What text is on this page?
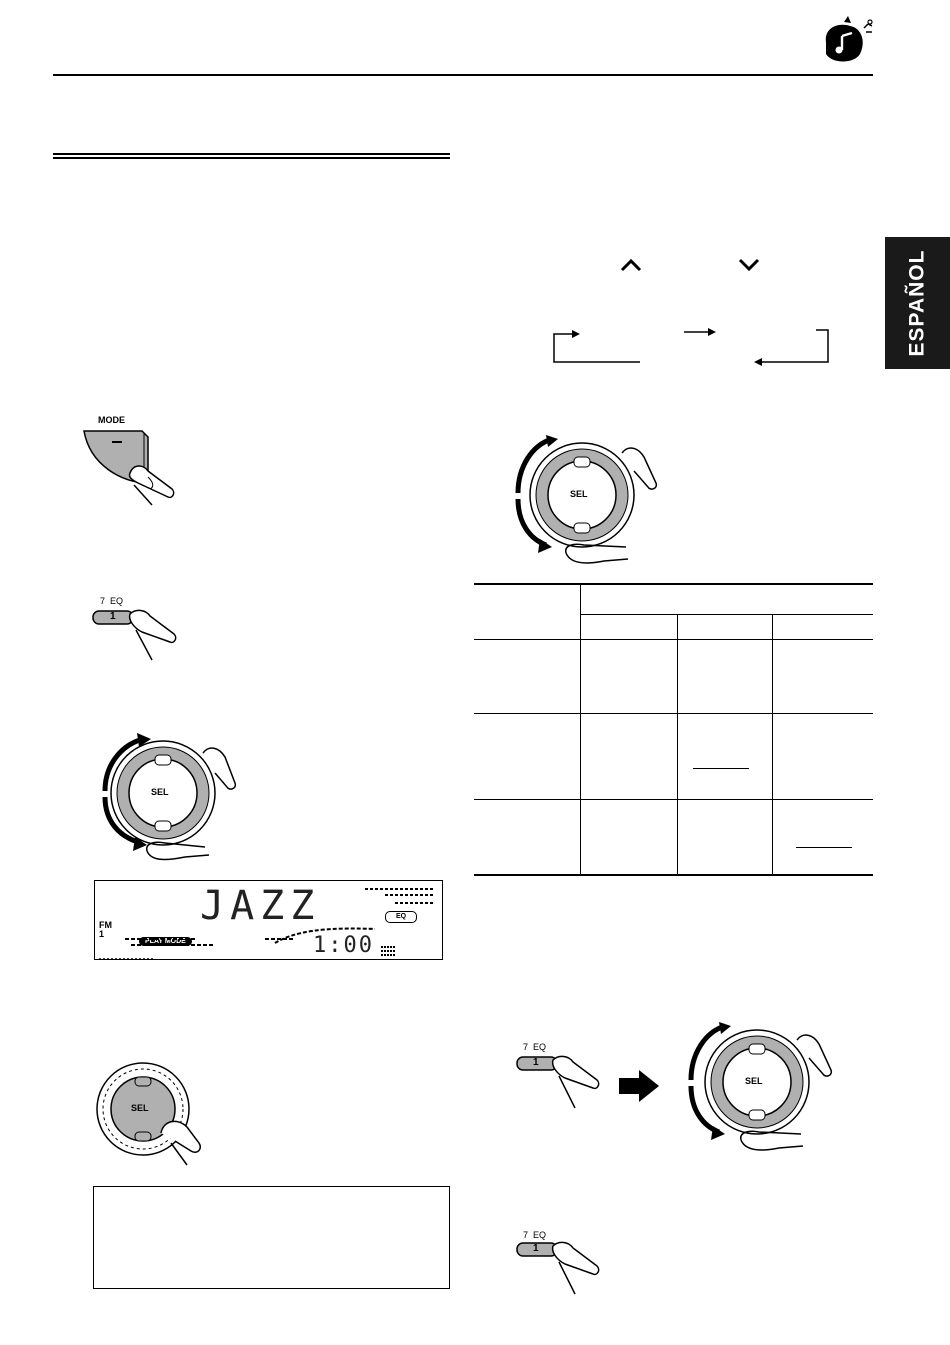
ESPAÑOL
MODE
7  EQ
1
SEL
JAZZ
FM
1
PLAY MODE
EQ
1:00
SEL
SEL

7  EQ
1
SEL
7  EQ
1
